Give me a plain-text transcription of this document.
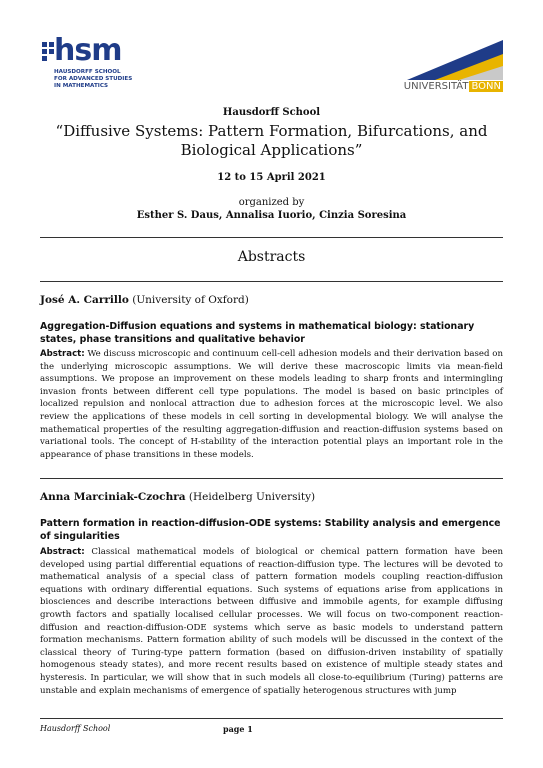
hsm
HAUSDORFF SCHOOL
FOR ADVANCED STUDIES
IN MATHEMATICS	UNIVERSITÄT BONN
Hausdorff School
“Diffusive Systems: Pattern Formation, Bifurcations, and Biological Applications”
12 to 15 April 2021
organized by
Esther S. Daus, Annalisa Iuorio, Cinzia Soresina
Abstracts
José A. Carrillo (University of Oxford)
Aggregation-Diffusion equations and systems in mathematical biology: stationary states, phase transitions and qualitative behavior
Abstract: We discuss microscopic and continuum cell-cell adhesion models and their derivation based on the underlying microscopic assumptions. We will derive these macroscopic limits via mean-field assumptions. We propose an improvement on these models leading to sharp fronts and intermingling invasion fronts between different cell type populations. The model is based on basic principles of localized repulsion and nonlocal attraction due to adhesion forces at the microscopic level. We also review the applications of these models in cell sorting in developmental biology. We will analyse the mathematical properties of the resulting aggregation-diffusion and reaction-diffusion systems based on variational tools. The concept of H-stability of the interaction potential plays an important role in the appearance of phase transitions in these models.
Anna Marciniak-Czochra (Heidelberg University)
Pattern formation in reaction-diffusion-ODE systems: Stability analysis and emergence of singularities
Abstract: Classical mathematical models of biological or chemical pattern formation have been developed using partial differential equations of reaction-diffusion type. The lectures will be devoted to mathematical analysis of a special class of pattern formation models coupling reaction-diffusion equations with ordinary differential equations. Such systems of equations arise from applications in biosciences and describe interactions between diffusive and immobile agents, for example diffusing growth factors and spatially localised cellular processes. We will focus on two-component reaction-diffusion and reaction-diffusion-ODE systems which serve as basic models to understand pattern formation mechanisms. Pattern formation ability of such models will be discussed in the context of the classical theory of Turing-type pattern formation (based on diffusion-driven instability of spatially homogenous steady states), and more recent results based on existence of multiple steady states and hysteresis. In particular, we will show that in such models all close-to-equilibrium (Turing) patterns are unstable and explain mechanisms of emergence of spatially heterogenous structures with jump
Hausdorff School	page 1
